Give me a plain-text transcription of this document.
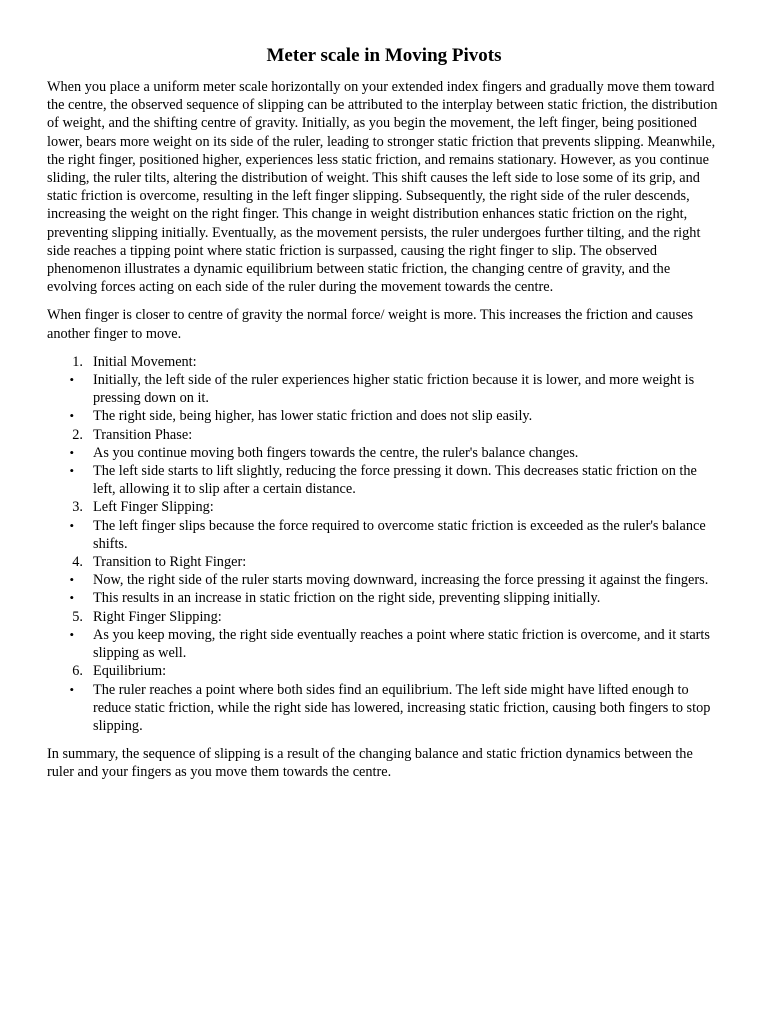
Meter scale in Moving Pivots

When you place a uniform meter scale horizontally on your extended index fingers and gradually move them toward the centre, the observed sequence of slipping can be attributed to the interplay between static friction, the distribution of weight, and the shifting centre of gravity. Initially, as you begin the movement, the left finger, being positioned lower, bears more weight on its side of the ruler, leading to stronger static friction that prevents slipping. Meanwhile, the right finger, positioned higher, experiences less static friction, and remains stationary. However, as you continue sliding, the ruler tilts, altering the distribution of weight. This shift causes the left side to lose some of its grip, and static friction is overcome, resulting in the left finger slipping. Subsequently, the right side of the ruler descends, increasing the weight on the right finger. This change in weight distribution enhances static friction on the right, preventing slipping initially. Eventually, as the movement persists, the ruler undergoes further tilting, and the right side reaches a tipping point where static friction is surpassed, causing the right finger to slip. The observed phenomenon illustrates a dynamic equilibrium between static friction, the changing centre of gravity, and the evolving forces acting on each side of the ruler during the movement towards the centre.

When finger is closer to centre of gravity the normal force/ weight is more. This increases the friction and causes another finger to move.

1. Initial Movement:
• Initially, the left side of the ruler experiences higher static friction because it is lower, and more weight is pressing down on it.
• The right side, being higher, has lower static friction and does not slip easily.
2. Transition Phase:
• As you continue moving both fingers towards the centre, the ruler's balance changes.
• The left side starts to lift slightly, reducing the force pressing it down. This decreases static friction on the left, allowing it to slip after a certain distance.
3. Left Finger Slipping:
• The left finger slips because the force required to overcome static friction is exceeded as the ruler's balance shifts.
4. Transition to Right Finger:
• Now, the right side of the ruler starts moving downward, increasing the force pressing it against the fingers.
• This results in an increase in static friction on the right side, preventing slipping initially.
5. Right Finger Slipping:
• As you keep moving, the right side eventually reaches a point where static friction is overcome, and it starts slipping as well.
6. Equilibrium:
• The ruler reaches a point where both sides find an equilibrium. The left side might have lifted enough to reduce static friction, while the right side has lowered, increasing static friction, causing both fingers to stop slipping.

In summary, the sequence of slipping is a result of the changing balance and static friction dynamics between the ruler and your fingers as you move them towards the centre.
